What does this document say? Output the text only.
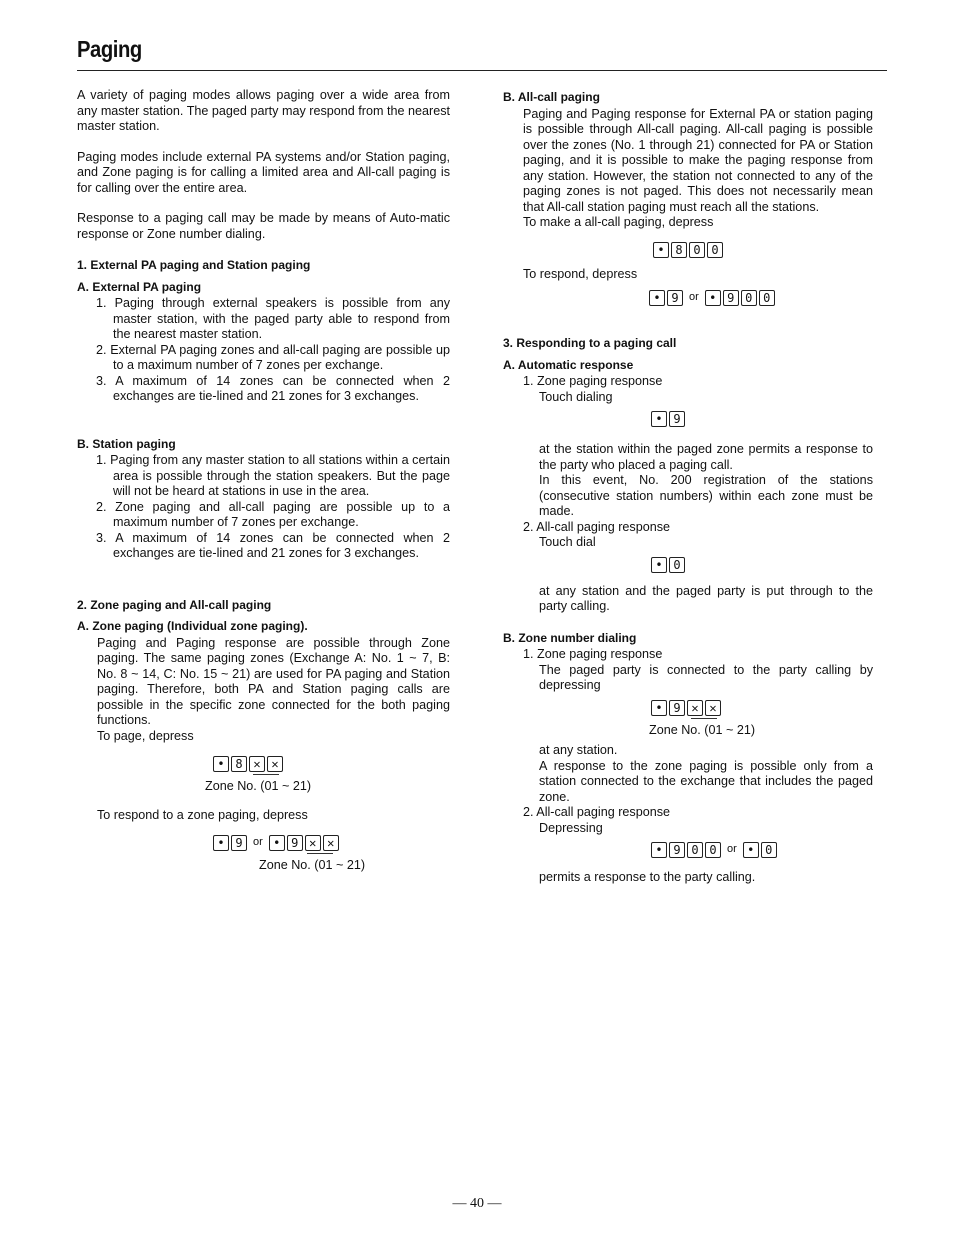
Paging

A variety of paging modes allows paging over a wide area from any master station. The paged party may respond from the nearest master station.

Paging modes include external PA systems and/or Station paging, and Zone paging is for calling a limited area and All-call paging is for calling over the entire area.

Response to a paging call may be made by means of Auto-matic response or Zone number dialing.

1. External PA paging and Station paging
A. External PA paging

1. Paging through external speakers is possible from any master station, with the paged party able to respond from the nearest master station.

2. External PA paging zones and all-call paging are possible up to a maximum number of 7 zones per exchange.

3. A maximum of 14 zones can be connected when 2 exchanges are tie-lined and 21 zones for 3 exchanges.

B. Station paging

1. Paging from any master station to all stations within a certain area is possible through the station speakers. But the page will not be heard at stations in use in the area.

2. Zone paging and all-call paging are possible up to a maximum number of 7 zones per exchange.

3. A maximum of 14 zones can be connected when 2 exchanges are tie-lined and 21 zones for 3 exchanges.

2. Zone paging and All-call paging
A. Zone paging (Individual zone paging).

Paging and Paging response are possible through Zone paging. The same paging zones (Exchange A: No. 1 ~ 7, B: No. 8 ~ 14, C: No. 15 ~ 21) are used for PA paging and Station paging. Therefore, both PA and Station paging calls are possible in the specific zone connected for the both paging functions.

To page, depress

• 8 ✕ ✕
Zone No. (01 ~ 21)

To respond to a zone paging, depress

• 9 or • 9 ✕ ✕
Zone No. (01 ~ 21)
B. All-call paging

Paging and Paging response for External PA or station paging is possible through All-call paging. All-call paging is possible over the zones (No. 1 through 21) connected for PA or Station paging, and it is possible to make the paging response from any station. However, the station not connected to any of the paging zones is not paged. This does not necessarily mean that All-call station paging must reach all the stations.

To make a all-call paging, depress

• 8 0 0

To respond, depress

• 9 or • 9 0 0
3. Responding to a paging call
A. Automatic response

1. Zone paging response

Touch dialing

• 9

at the station within the paged zone permits a response to the party who placed a paging call.

In this event, No. 200 registration of the stations (consecutive station numbers) within each zone must be made.

2. All-call paging response

Touch dial

• 0

at any station and the paged party is put through to the party calling.

B. Zone number dialing

1. Zone paging response

The paged party is connected to the party calling by depressing

• 9 ✕ ✕
Zone No. (01 ~ 21)

at any station.

A response to the zone paging is possible only from a station connected to the exchange that includes the paged zone.

2. All-call paging response

Depressing

• 9 0 0 or • 0

permits a response to the party calling.

— 40 —
